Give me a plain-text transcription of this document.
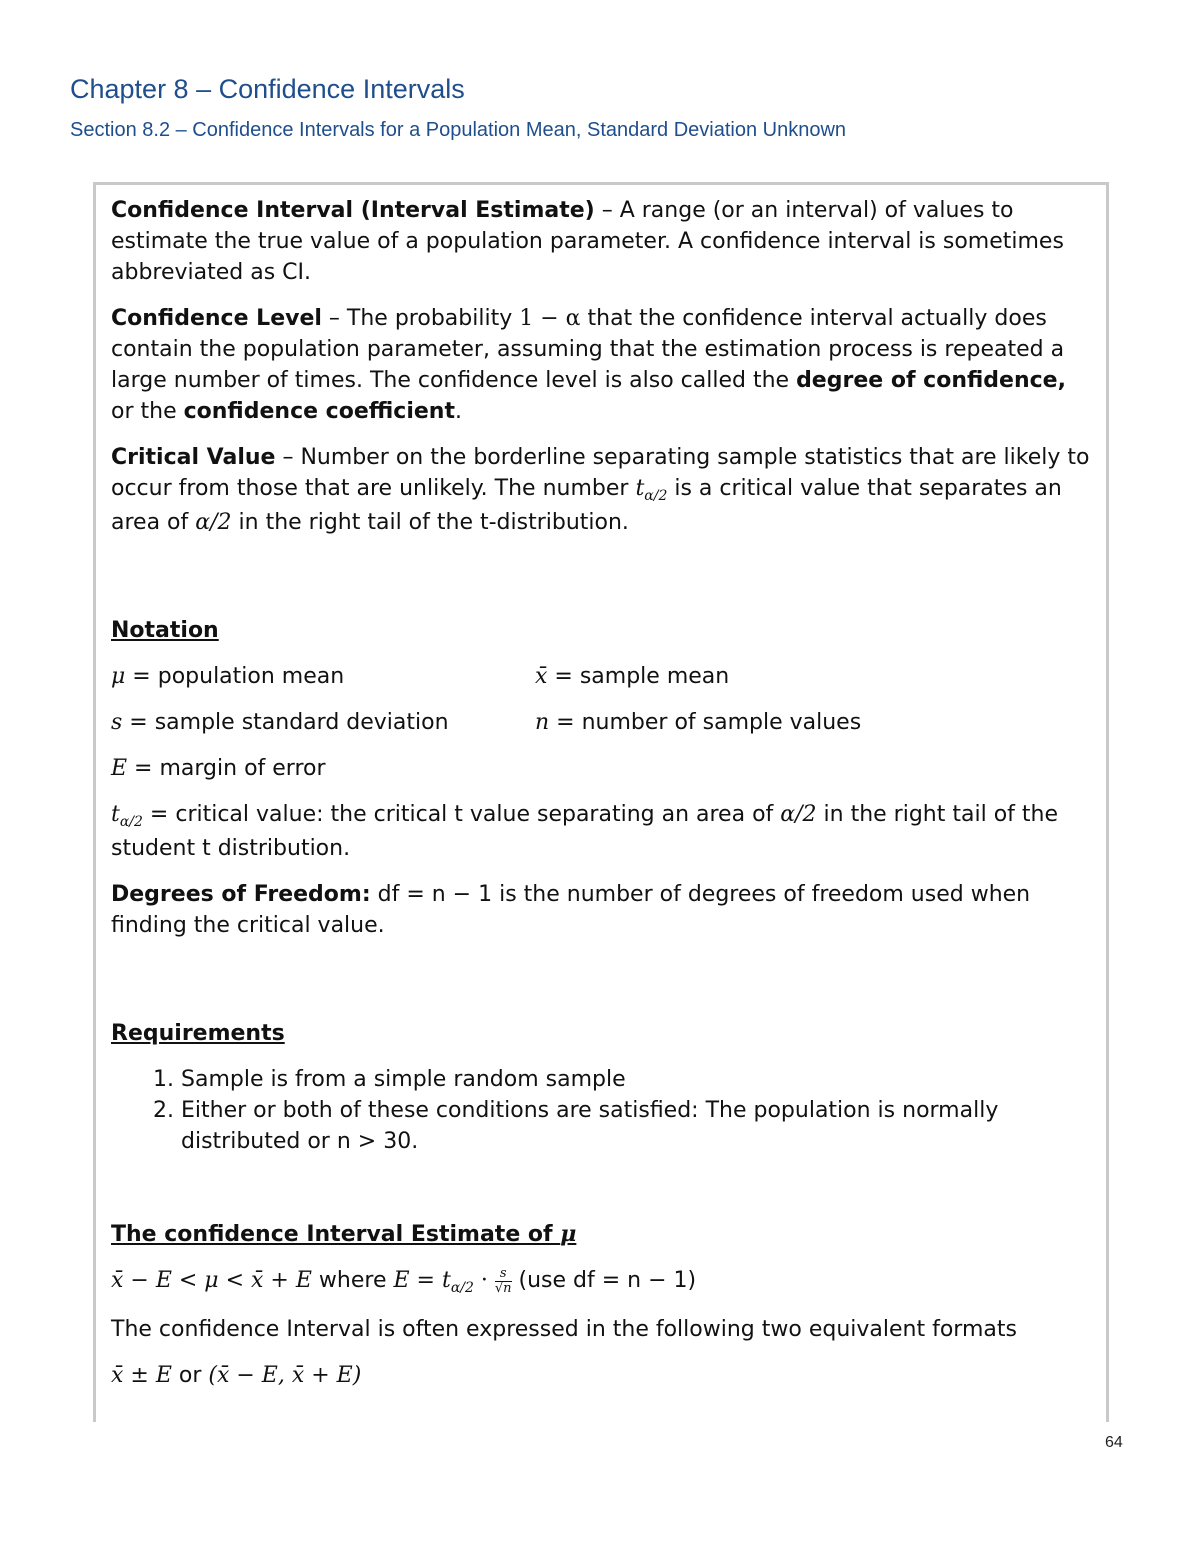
Chapter 8 – Confidence Intervals
Section 8.2 – Confidence Intervals for a Population Mean, Standard Deviation Unknown

Confidence Interval (Interval Estimate) – A range (or an interval) of values to estimate the true value of a population parameter. A confidence interval is sometimes abbreviated as CI.

Confidence Level – The probability 1 − α that the confidence interval actually does contain the population parameter, assuming that the estimation process is repeated a large number of times. The confidence level is also called the degree of confidence, or the confidence coefficient.

Critical Value – Number on the borderline separating sample statistics that are likely to occur from those that are unlikely. The number $t_{\alpha/2}$ is a critical value that separates an area of α/2 in the right tail of the t-distribution.

Notation

μ = population mean	x̄ = sample mean
s = sample standard deviation	n = number of sample values

E = margin of error

$t_{\alpha/2}$ = critical value: the critical t value separating an area of α/2 in the right tail of the student t distribution.

Degrees of Freedom: df = n − 1 is the number of degrees of freedom used when finding the critical value.

Requirements

1. Sample is from a simple random sample
2. Either or both of these conditions are satisfied: The population is normally distributed or n > 30.

The confidence Interval Estimate of μ

x̄ − E < μ < x̄ + E where $E = t_{\alpha/2} \cdot \frac{s}{√n} (use$ df = n − 1)

The confidence Interval is often expressed in the following two equivalent formats

x̄ ± E or (x̄ − E, x̄ + E)

64
